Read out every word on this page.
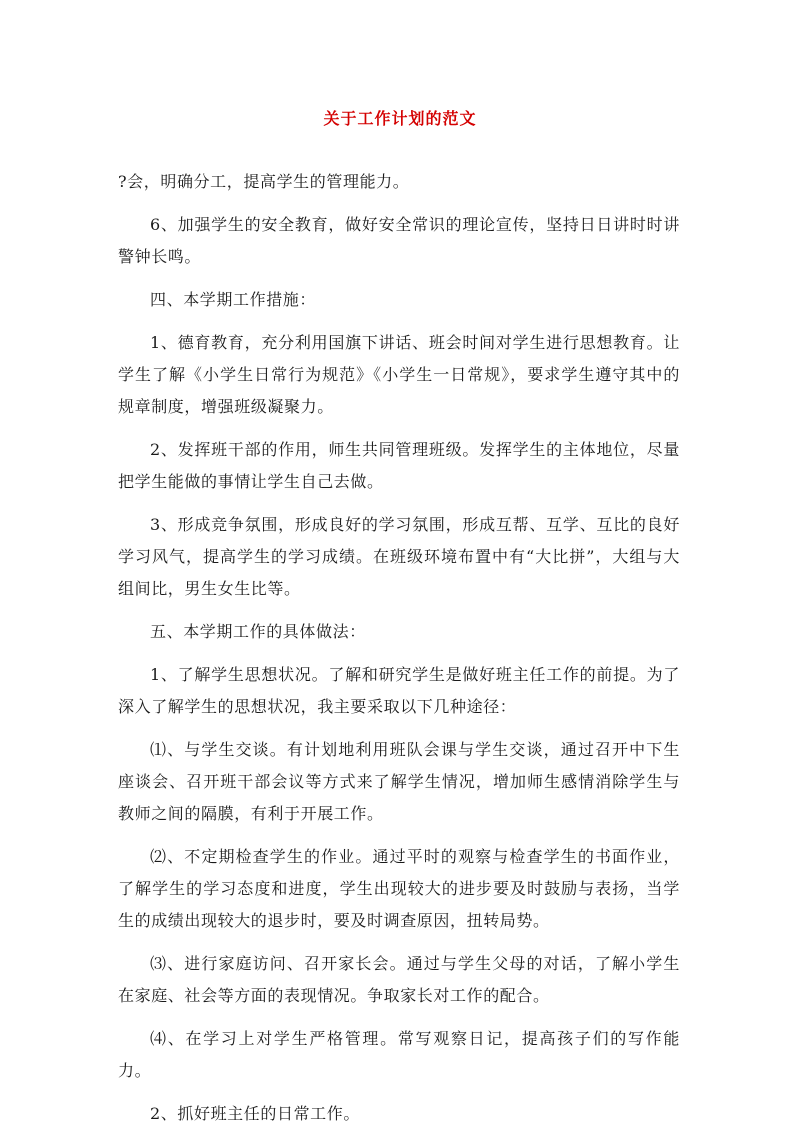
关于工作计划的范文

?会，明确分工，提高学生的管理能力。

6、加强学生的安全教育，做好安全常识的理论宣传，坚持日日讲时时讲警钟长鸣。

四、本学期工作措施：

1、德育教育，充分利用国旗下讲话、班会时间对学生进行思想教育。让学生了解《小学生日常行为规范》《小学生一日常规》，要求学生遵守其中的规章制度，增强班级凝聚力。

2、发挥班干部的作用，师生共同管理班级。发挥学生的主体地位，尽量把学生能做的事情让学生自己去做。

3、形成竞争氛围，形成良好的学习氛围，形成互帮、互学、互比的良好学习风气，提高学生的学习成绩。在班级环境布置中有“大比拼”，大组与大组间比，男生女生比等。

五、本学期工作的具体做法：

1、了解学生思想状况。了解和研究学生是做好班主任工作的前提。为了深入了解学生的思想状况，我主要采取以下几种途径：

⑴、与学生交谈。有计划地利用班队会课与学生交谈，通过召开中下生座谈会、召开班干部会议等方式来了解学生情况，增加师生感情消除学生与教师之间的隔膜，有利于开展工作。

⑵、不定期检查学生的作业。通过平时的观察与检查学生的书面作业，了解学生的学习态度和进度，学生出现较大的进步要及时鼓励与表扬，当学生的成绩出现较大的退步时，要及时调查原因，扭转局势。

⑶、进行家庭访问、召开家长会。通过与学生父母的对话，了解小学生在家庭、社会等方面的表现情况。争取家长对工作的配合。

⑷、在学习上对学生严格管理。常写观察日记，提高孩子们的写作能力。

2、抓好班主任的日常工作。
